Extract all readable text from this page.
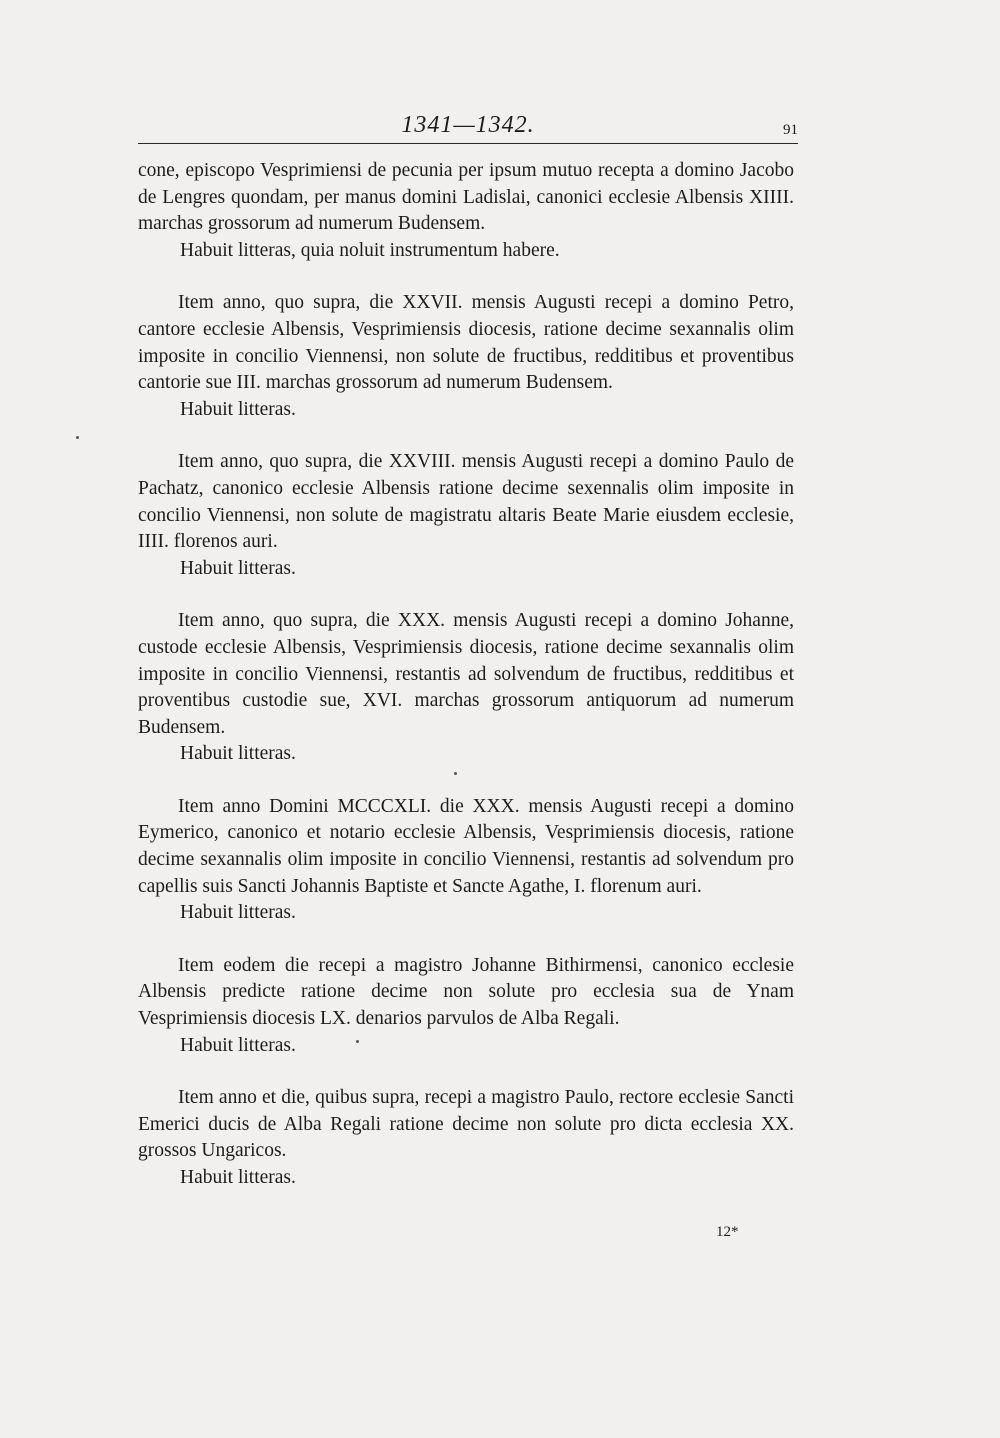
1341—1342.	91

cone, episcopo Vesprimiensi de pecunia per ipsum mutuo recepta a domino Jacobo de Lengres quondam, per manus domini Ladislai, canonici ecclesie Albensis XIIII. marchas grossorum ad numerum Budensem.

Habuit litteras, quia noluit instrumentum habere.

Item anno, quo supra, die XXVII. mensis Augusti recepi a domino Petro, cantore ecclesie Albensis, Vesprimiensis diocesis, ratione decime sexannalis olim imposite in concilio Viennensi, non solute de fructibus, redditibus et proventibus cantorie sue III. marchas grossorum ad numerum Budensem.

Habuit litteras.

Item anno, quo supra, die XXVIII. mensis Augusti recepi a domino Paulo de Pachatz, canonico ecclesie Albensis ratione decime sexennalis olim imposite in concilio Viennensi, non solute de magistratu altaris Beate Marie eiusdem ecclesie, IIII. florenos auri.

Habuit litteras.

Item anno, quo supra, die XXX. mensis Augusti recepi a domino Johanne, custode ecclesie Albensis, Vesprimiensis diocesis, ratione decime sexannalis olim imposite in concilio Viennensi, restantis ad solvendum de fructibus, redditibus et proventibus custodie sue, XVI. marchas grossorum antiquorum ad numerum Budensem.

Habuit litteras.

Item anno Domini MCCCXLI. die XXX. mensis Augusti recepi a domino Eymerico, canonico et notario ecclesie Albensis, Vesprimiensis diocesis, ratione decime sexannalis olim imposite in concilio Viennensi, restantis ad solvendum pro capellis suis Sancti Johannis Baptiste et Sancte Agathe, I. florenum auri.

Habuit litteras.

Item eodem die recepi a magistro Johanne Bithirmensi, canonico ecclesie Albensis predicte ratione decime non solute pro ecclesia sua de Ynam Vesprimiensis diocesis LX. denarios parvulos de Alba Regali.

Habuit litteras.

Item anno et die, quibus supra, recepi a magistro Paulo, rectore ecclesie Sancti Emerici ducis de Alba Regali ratione decime non solute pro dicta ecclesia XX. grossos Ungaricos.

Habuit litteras.

12*
